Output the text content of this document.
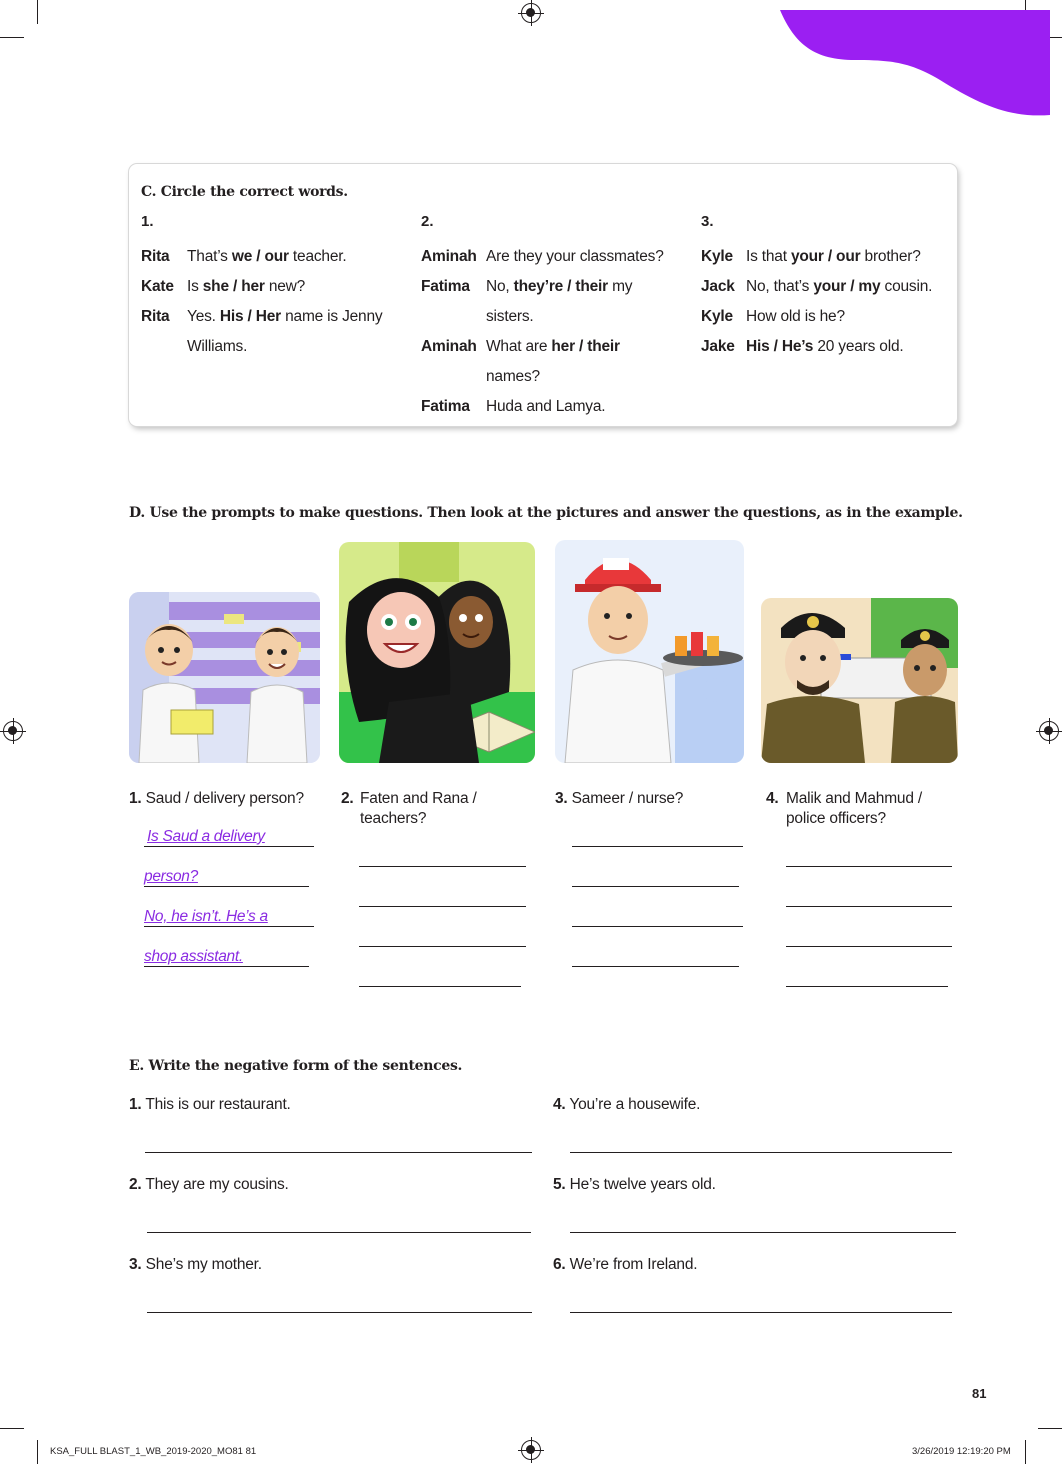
C. Circle the correct words.
1.
Rita	That’s we / our teacher.
Kate Is she / her new?
Rita	Yes. His / Her name is Jenny
Williams.
2.
Aminah Are they your classmates?
Fatima	No, they’re / their my
sisters.
Aminah What are her / their
names?
Fatima	Huda and Lamya.
3.
Kyle Is that your / our brother?
Jack No, that’s your / my cousin.
Kyle How old is he?
Jake His / He’s 20 years old.
D. Use the prompts to make questions. Then look at the pictures and answer the questions, as in the example.
1. Saud / delivery person?	2. Faten and Rana / teachers?
3. Sameer / nurse?	4. Malik and Mahmud / police officers?
Is Saud a delivery
person?
No, he isn’t. He’s a
shop assistant.
E. Write the negative form of the sentences.
1. This is our restaurant.
2. They are my cousins.
3. She’s my mother.
4. You’re a housewife.
5. He’s twelve years old.
6. We’re from Ireland.
81
KSA_FULL BLAST_1_WB_2019-2020_MO81 81	3/26/2019 12:19:20 PM
